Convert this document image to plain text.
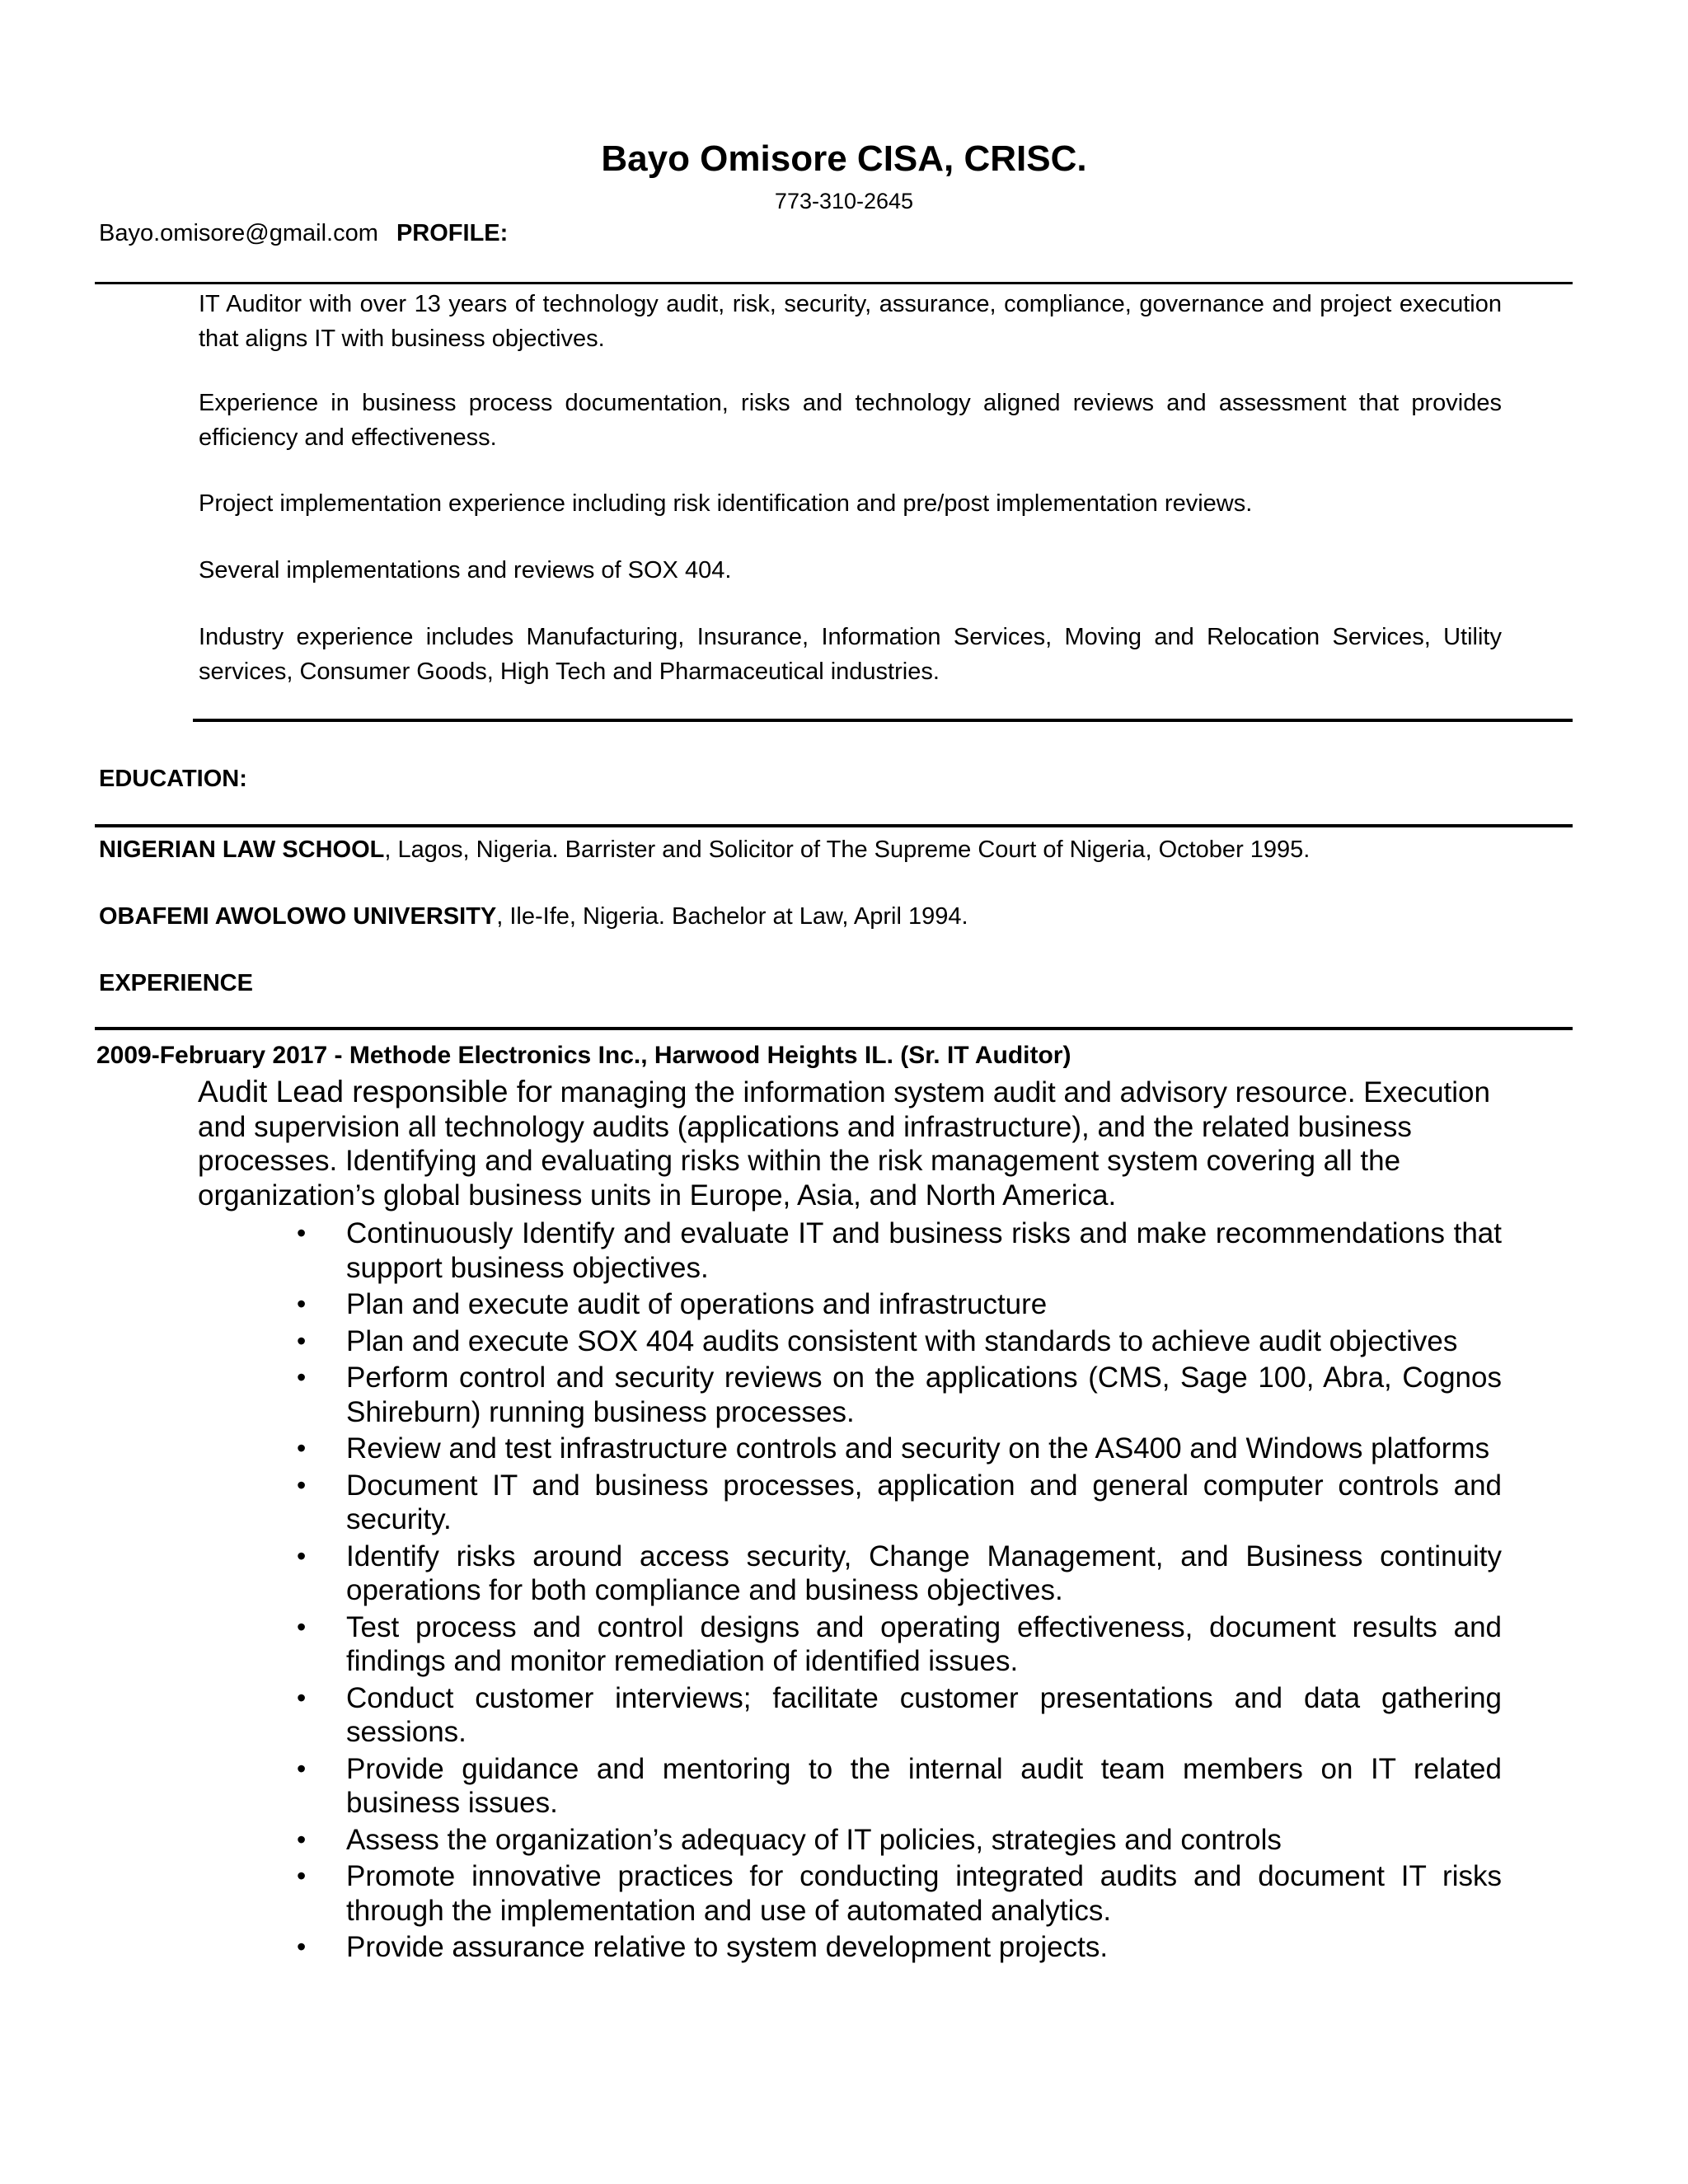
Bayo Omisore CISA, CRISC.
773-310-2645
Bayo.omisore@gmail.com PROFILE:
IT Auditor with over 13 years of technology audit, risk, security, assurance, compliance, governance and project execution that aligns IT with business objectives.
Experience in business process documentation, risks and technology aligned reviews and assessment that provides efficiency and effectiveness.
Project implementation experience including risk identification and pre/post implementation reviews.
Several implementations and reviews of SOX 404.
Industry experience includes Manufacturing, Insurance, Information Services, Moving and Relocation Services, Utility services, Consumer Goods, High Tech and Pharmaceutical industries.
EDUCATION:
NIGERIAN LAW SCHOOL, Lagos, Nigeria. Barrister and Solicitor of The Supreme Court of Nigeria, October 1995.
OBAFEMI AWOLOWO UNIVERSITY, Ile-Ife, Nigeria. Bachelor at Law, April 1994.
EXPERIENCE
2009-February 2017 - Methode Electronics Inc., Harwood Heights IL. (Sr. IT Auditor)
Audit Lead responsible for managing the information system audit and advisory resource. Execution and supervision all technology audits (applications and infrastructure), and the related business processes. Identifying and evaluating risks within the risk management system covering all the organization’s global business units in Europe, Asia, and North America.
• Continuously Identify and evaluate IT and business risks and make recommendations that support business objectives.
• Plan and execute audit of operations and infrastructure
• Plan and execute SOX 404 audits consistent with standards to achieve audit objectives
• Perform control and security reviews on the applications (CMS, Sage 100, Abra, Cognos Shireburn) running business processes.
• Review and test infrastructure controls and security on the AS400 and Windows platforms
• Document IT and business processes, application and general computer controls and security.
• Identify risks around access security, Change Management, and Business continuity operations for both compliance and business objectives.
• Test process and control designs and operating effectiveness, document results and findings and monitor remediation of identified issues.
• Conduct customer interviews; facilitate customer presentations and data gathering sessions.
• Provide guidance and mentoring to the internal audit team members on IT related business issues.
• Assess the organization’s adequacy of IT policies, strategies and controls
• Promote innovative practices for conducting integrated audits and document IT risks through the implementation and use of automated analytics.
• Provide assurance relative to system development projects.
